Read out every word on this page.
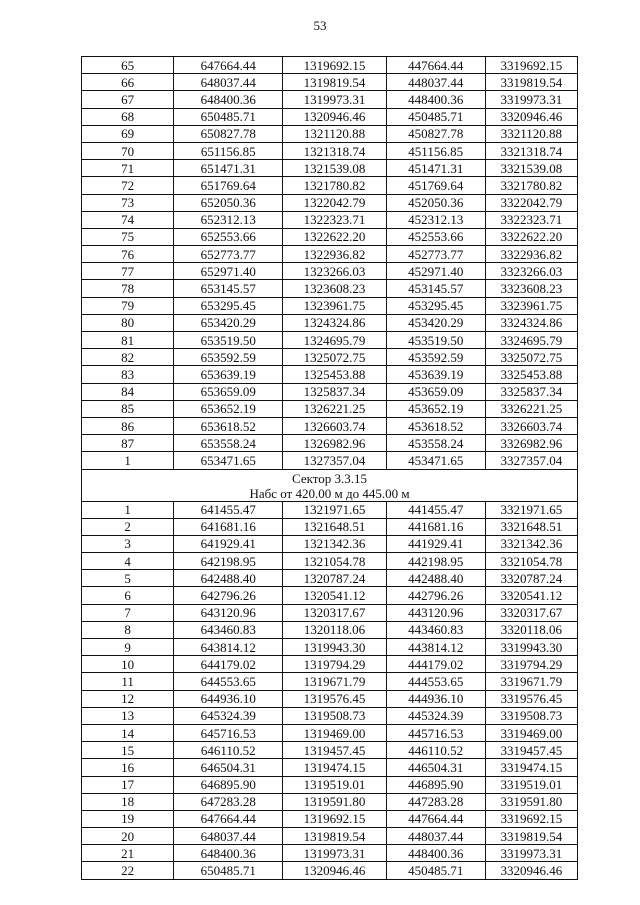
53
65	647664.44	1319692.15	447664.44	3319692.15
66	648037.44	1319819.54	448037.44	3319819.54
67	648400.36	1319973.31	448400.36	3319973.31
68	650485.71	1320946.46	450485.71	3320946.46
69	650827.78	1321120.88	450827.78	3321120.88
70	651156.85	1321318.74	451156.85	3321318.74
71	651471.31	1321539.08	451471.31	3321539.08
72	651769.64	1321780.82	451769.64	3321780.82
73	652050.36	1322042.79	452050.36	3322042.79
74	652312.13	1322323.71	452312.13	3322323.71
75	652553.66	1322622.20	452553.66	3322622.20
76	652773.77	1322936.82	452773.77	3322936.82
77	652971.40	1323266.03	452971.40	3323266.03
78	653145.57	1323608.23	453145.57	3323608.23
79	653295.45	1323961.75	453295.45	3323961.75
80	653420.29	1324324.86	453420.29	3324324.86
81	653519.50	1324695.79	453519.50	3324695.79
82	653592.59	1325072.75	453592.59	3325072.75
83	653639.19	1325453.88	453639.19	3325453.88
84	653659.09	1325837.34	453659.09	3325837.34
85	653652.19	1326221.25	453652.19	3326221.25
86	653618.52	1326603.74	453618.52	3326603.74
87	653558.24	1326982.96	453558.24	3326982.96
1	653471.65	1327357.04	453471.65	3327357.04

Сектор 3.3.15
Набс от 420.00 м до 445.00 м				

1	641455.47	1321971.65	441455.47	3321971.65
2	641681.16	1321648.51	441681.16	3321648.51
3	641929.41	1321342.36	441929.41	3321342.36
4	642198.95	1321054.78	442198.95	3321054.78
5	642488.40	1320787.24	442488.40	3320787.24
6	642796.26	1320541.12	442796.26	3320541.12
7	643120.96	1320317.67	443120.96	3320317.67
8	643460.83	1320118.06	443460.83	3320118.06
9	643814.12	1319943.30	443814.12	3319943.30
10	644179.02	1319794.29	444179.02	3319794.29
11	644553.65	1319671.79	444553.65	3319671.79
12	644936.10	1319576.45	444936.10	3319576.45
13	645324.39	1319508.73	445324.39	3319508.73
14	645716.53	1319469.00	445716.53	3319469.00
15	646110.52	1319457.45	446110.52	3319457.45
16	646504.31	1319474.15	446504.31	3319474.15
17	646895.90	1319519.01	446895.90	3319519.01
18	647283.28	1319591.80	447283.28	3319591.80
19	647664.44	1319692.15	447664.44	3319692.15
20	648037.44	1319819.54	448037.44	3319819.54
21	648400.36	1319973.31	448400.36	3319973.31
22	650485.71	1320946.46	450485.71	3320946.46
